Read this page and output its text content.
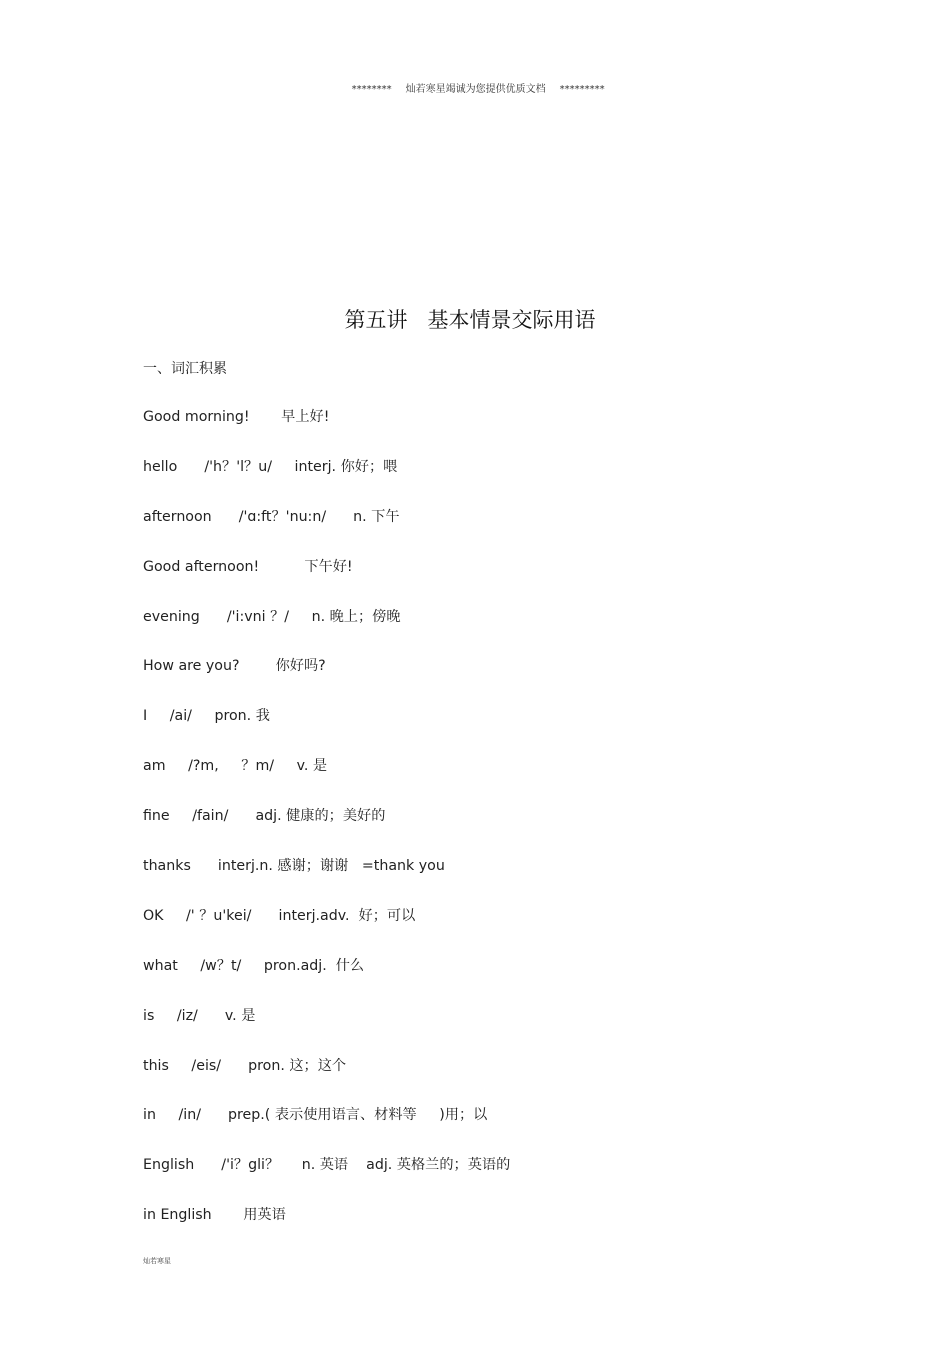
******** 灿若寒星竭诚为您提供优质文档 *********

第五讲   基本情景交际用语
一、词汇积累
Good morning!       早上好!
hello      /'h？'l？u/     interj. 你好；喂
afternoon      /'ɑ:ft？'nu:n/      n. 下午
Good afternoon!          下午好!
evening      /'i:vni ？/     n. 晚上；傍晚
How are you?        你好吗?
I     /ai/     pron. 我
am     /?m,     ？m/     v. 是
fine     /fain/      adj. 健康的；美好的
thanks      interj.n. 感谢；谢谢   =thank you
OK     /' ？u'kei/      interj.adv.  好；可以
what     /w？t/     pron.adj.  什么
is     /iz/      v. 是
this     /eis/      pron. 这；这个
in     /in/      prep.( 表示使用语言、材料等     )用；以
English      /'i？gli？     n. 英语    adj. 英格兰的；英语的
in English       用英语
灿若寒星
